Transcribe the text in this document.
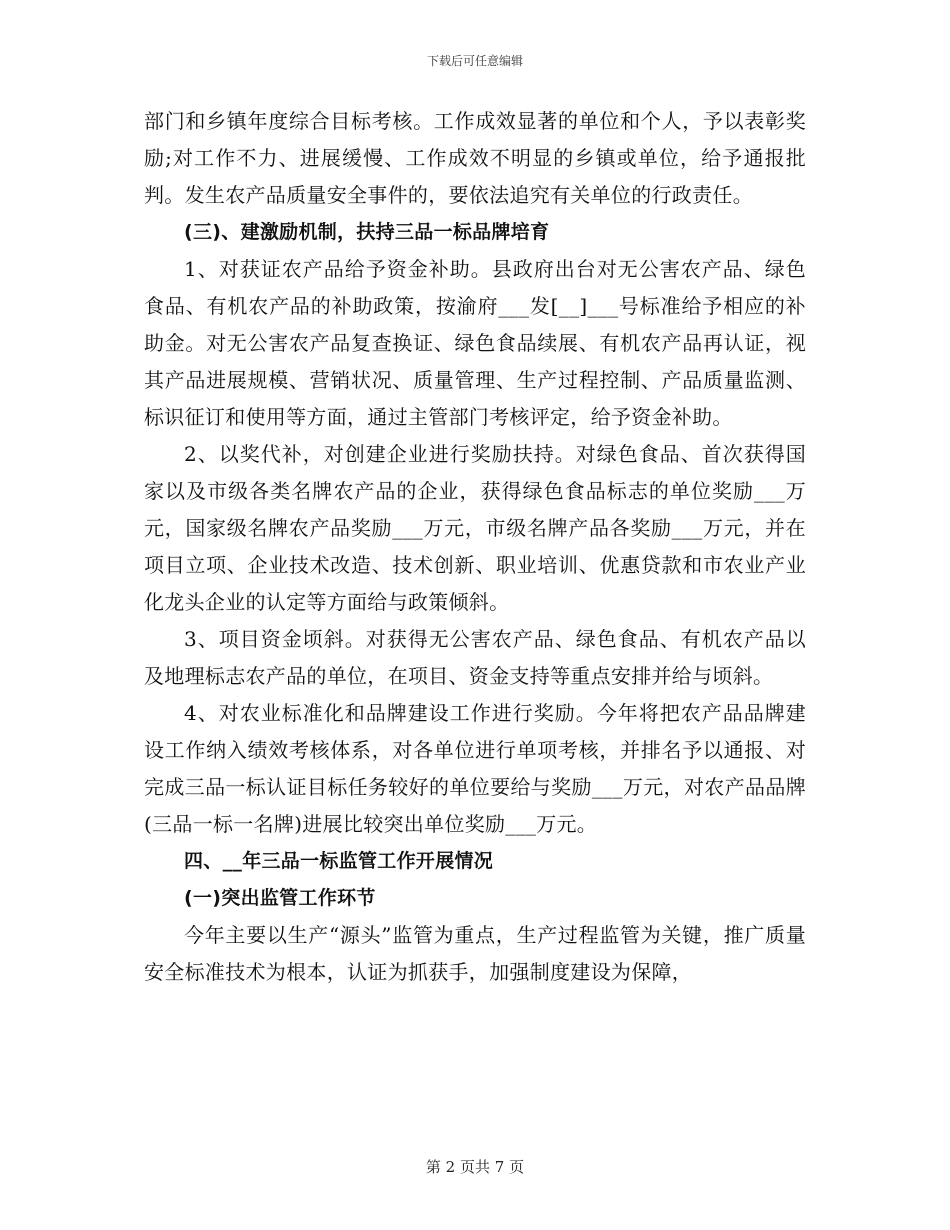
下载后可任意编辑

部门和乡镇年度综合目标考核。工作成效显著的单位和个人，予以表彰奖励;对工作不力、进展缓慢、工作成效不明显的乡镇或单位，给予通报批判。发生农产品质量安全事件的，要依法追究有关单位的行政责任。

(三)、建激励机制，扶持三品一标品牌培育

1、对获证农产品给予资金补助。县政府出台对无公害农产品、绿色食品、有机农产品的补助政策，按渝府___发[__]___号标准给予相应的补助金。对无公害农产品复查换证、绿色食品续展、有机农产品再认证，视其产品进展规模、营销状况、质量管理、生产过程控制、产品质量监测、标识征订和使用等方面，通过主管部门考核评定，给予资金补助。

2、以奖代补，对创建企业进行奖励扶持。对绿色食品、首次获得国家以及市级各类名牌农产品的企业，获得绿色食品标志的单位奖励___万元，国家级名牌农产品奖励___万元，市级名牌产品各奖励___万元，并在项目立项、企业技术改造、技术创新、职业培训、优惠贷款和市农业产业化龙头企业的认定等方面给与政策倾斜。

3、项目资金顷斜。对获得无公害农产品、绿色食品、有机农产品以及地理标志农产品的单位，在项目、资金支持等重点安排并给与顷斜。

4、对农业标准化和品牌建设工作进行奖励。今年将把农产品品牌建设工作纳入绩效考核体系，对各单位进行单项考核，并排名予以通报、对完成三品一标认证目标任务较好的单位要给与奖励___万元，对农产品品牌(三品一标一名牌)进展比较突出单位奖励___万元。

四、__年三品一标监管工作开展情况

(一)突出监管工作环节

今年主要以生产“源头”监管为重点，生产过程监管为关键，推广质量安全标准技术为根本，认证为抓获手，加强制度建设为保障，

第 2 页共 7 页
